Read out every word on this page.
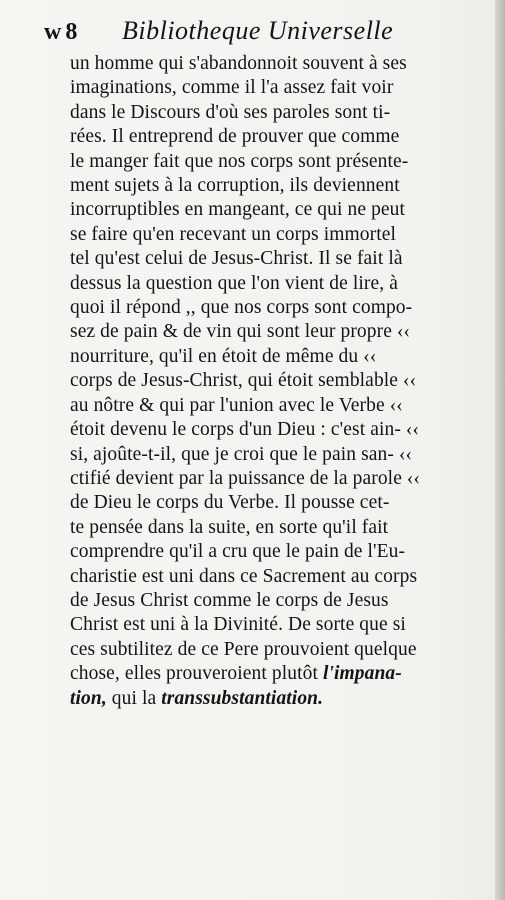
w 8	Bibliotheque Universelle
un homme qui s'abandonnoit souvent à ses
imaginations, comme il l'a assez fait voir
dans le Discours d'où ses paroles sont ti-
rées. Il entreprend de prouver que comme
le manger fait que nos corps sont présente-
ment sujets à la corruption, ils deviennent
incorruptibles en mangeant, ce qui ne peut
se faire qu'en recevant un corps immortel
tel qu'est celui de Jesus-Christ. Il se fait là
dessus la question que l'on vient de lire, à
quoi il répond ,, que nos corps sont compo-
sez de pain & de vin qui sont leur propre ‹‹
nourriture, qu'il en étoit de même du ‹‹
corps de Jesus-Christ, qui étoit semblable ‹‹
au nôtre & qui par l'union avec le Verbe ‹‹
étoit devenu le corps d'un Dieu : c'est ain- ‹‹
si, ajoûte-t-il, que je croi que le pain san- ‹‹
ctifié devient par la puissance de la parole ‹‹
de Dieu le corps du Verbe. Il pousse cet-
te pensée dans la suite, en sorte qu'il fait
comprendre qu'il a cru que le pain de l'Eu-
charistie est uni dans ce Sacrement au corps
de Jesus Christ comme le corps de Jesus
Christ est uni à la Divinité. De sorte que si
ces subtilitez de ce Pere prouvoient quelque
chose, elles prouveroient plutôt l'impana-
tion, qui la transsubstantiation.
